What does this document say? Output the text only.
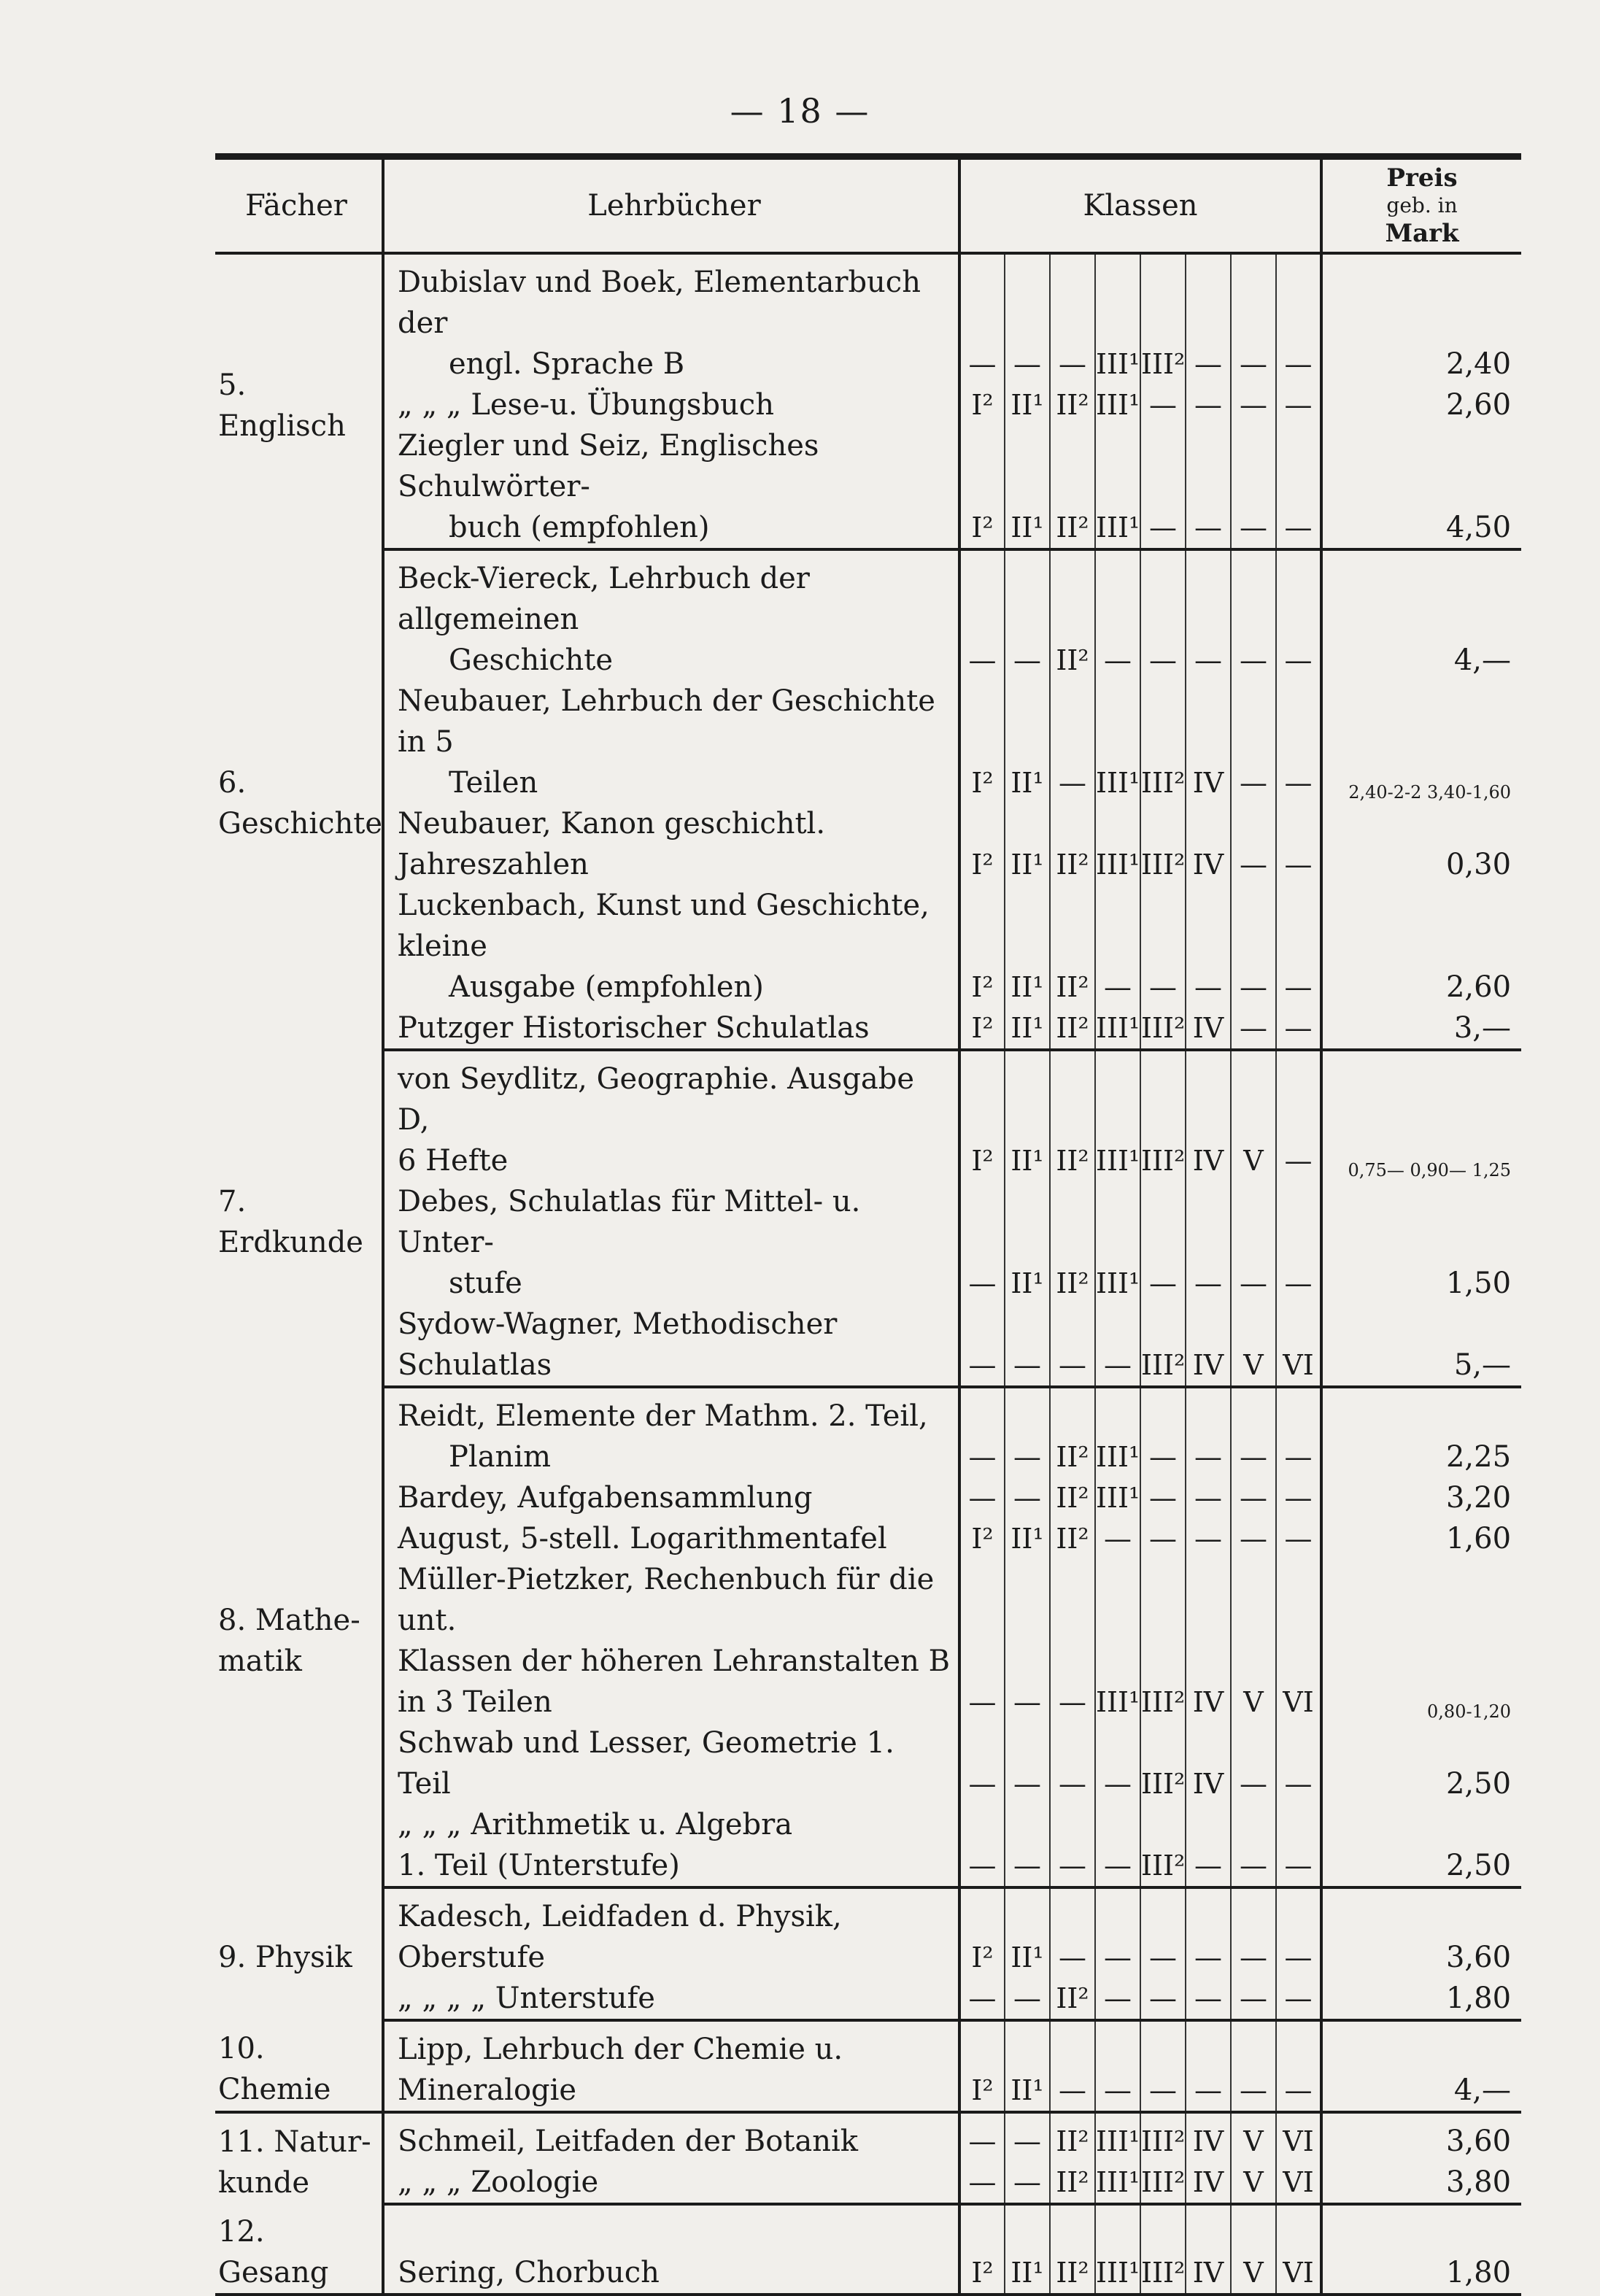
— 18 —
Fächer	Lehrbücher	Klassen								Preis
geb. in
Mark

5. Englisch	Dubislav und Boek, Elementarbuch der
engl. Sprache B	—	—	—	III¹	III²	—	—	—	2,40

	„ „ „ Lese-u. Übungsbuch	I²	II¹	II²	III¹	—	—	—	—	2,60

	Ziegler und Seiz, Englisches Schulwörter-
buch (empfohlen)	I²	II¹	II²	III¹	—	—	—	—	4,50
6. Geschichte	Beck-Viereck, Lehrbuch der allgemeinen
Geschichte	—	—	II²	—	—	—	—	—	4,—

	Neubauer, Lehrbuch der Geschichte in 5
Teilen	I²	II¹	—	III¹	III²	IV	—	—	2,40-2-2 3,40-1,60

	Neubauer, Kanon geschichtl. Jahreszahlen	I²	II¹	II²	III¹	III²	IV	—	—	0,30

	Luckenbach, Kunst und Geschichte, kleine
Ausgabe (empfohlen)	I²	II¹	II²	—	—	—	—	—	2,60

	Putzger Historischer Schulatlas	I²	II¹	II²	III¹	III²	IV	—	—	3,—
7. Erdkunde	von Seydlitz, Geographie. Ausgabe D,
6 Hefte	I²	II¹	II²	III¹	III²	IV	V	—	0,75— 0,90— 1,25

	Debes, Schulatlas für Mittel- u. Unter-
stufe	—	II¹	II²	III¹	—	—	—	—	1,50

	Sydow-Wagner, Methodischer Schulatlas	—	—	—	—	III²	IV	V	VI	5,—
8. Mathe- matik	Reidt, Elemente der Mathm. 2. Teil,
Planim	—	—	II²	III¹	—	—	—	—	2,25

	Bardey, Aufgabensammlung	—	—	II²	III¹	—	—	—	—	3,20

	August, 5-stell. Logarithmentafel	I²	II¹	II²	—	—	—	—	—	1,60

	Müller-Pietzker, Rechenbuch für die unt.
Klassen der höheren Lehranstalten B
in 3 Teilen	—	—	—	III¹	III²	IV	V	VI	0,80-1,20

	Schwab und Lesser, Geometrie 1. Teil	—	—	—	—	III²	IV	—	—	2,50

	„ „ „ Arithmetik u. Algebra
1. Teil (Unterstufe)	—	—	—	—	III²	—	—	—	2,50
9. Physik	Kadesch, Leidfaden d. Physik, Oberstufe	I²	II¹	—	—	—	—	—	—	3,60

	„ „ „ „ Unterstufe	—	—	II²	—	—	—	—	—	1,80
10. Chemie	Lipp, Lehrbuch der Chemie u. Mineralogie	I²	II¹	—	—	—	—	—	—	4,—
11. Natur- kunde	Schmeil, Leitfaden der Botanik	—	—	II²	III¹	III²	IV	V	VI	3,60

	„ „ „ Zoologie	—	—	II²	III¹	III²	IV	V	VI	3,80
12. Gesang	Sering, Chorbuch	I²	II¹	II²	III¹	III²	IV	V	VI	1,80
